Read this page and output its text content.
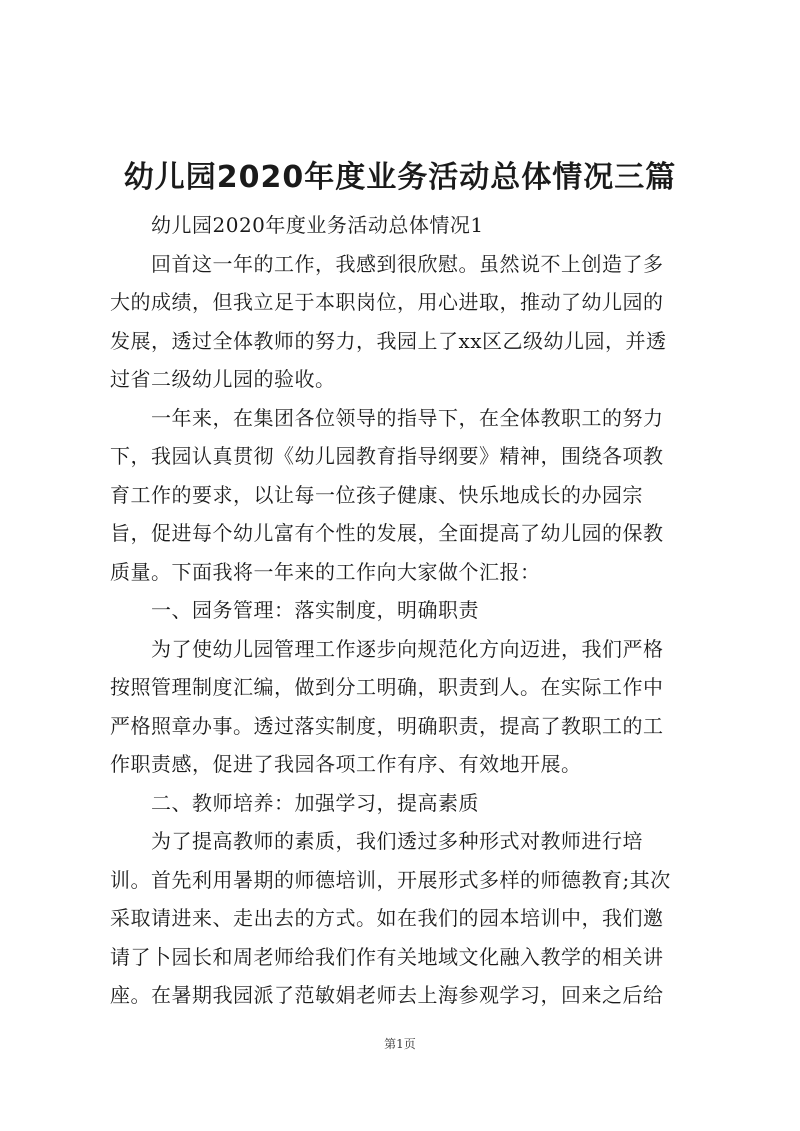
幼儿园2020年度业务活动总体情况三篇
幼儿园2020年度业务活动总体情况1
回首这一年的工作，我感到很欣慰。虽然说不上创造了多
大的成绩，但我立足于本职岗位，用心进取，推动了幼儿园的
发展，透过全体教师的努力，我园上了xx区乙级幼儿园，并透
过省二级幼儿园的验收。
一年来，在集团各位领导的指导下，在全体教职工的努力
下，我园认真贯彻《幼儿园教育指导纲要》精神，围绕各项教
育工作的要求，以让每一位孩子健康、快乐地成长的办园宗
旨，促进每个幼儿富有个性的发展，全面提高了幼儿园的保教
质量。下面我将一年来的工作向大家做个汇报：
一、园务管理：落实制度，明确职责
为了使幼儿园管理工作逐步向规范化方向迈进，我们严格
按照管理制度汇编，做到分工明确，职责到人。在实际工作中
严格照章办事。透过落实制度，明确职责，提高了教职工的工
作职责感，促进了我园各项工作有序、有效地开展。
二、教师培养：加强学习，提高素质
为了提高教师的素质，我们透过多种形式对教师进行培
训。首先利用暑期的师德培训，开展形式多样的师德教育;其次
采取请进来、走出去的方式。如在我们的园本培训中，我们邀
请了卜园长和周老师给我们作有关地域文化融入教学的相关讲
座。在暑期我园派了范敏娟老师去上海参观学习，回来之后给
第1页
